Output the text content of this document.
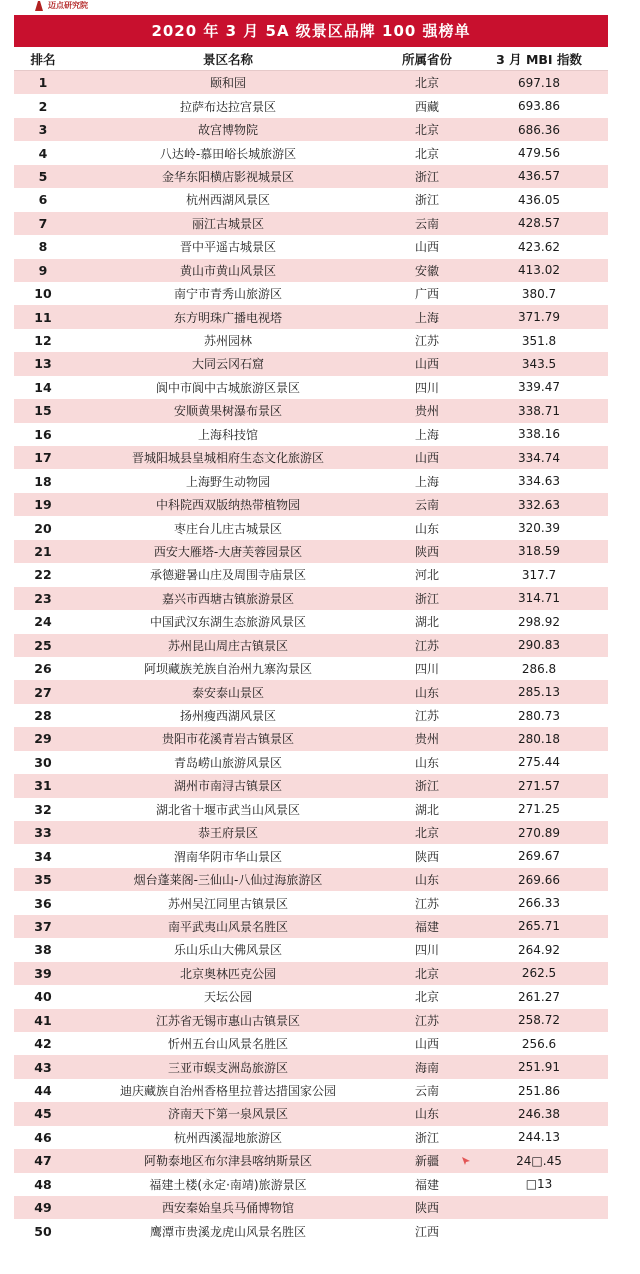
迈点研究院
2020 年 3 月 5A 级景区品牌 100 强榜单
排名	景区名称	所属省份	3 月 MBI 指数
1	颐和园	北京	697.18
2	拉萨布达拉宫景区	西藏	693.86
3	故宫博物院	北京	686.36
4	八达岭-慕田峪长城旅游区	北京	479.56
5	金华东阳横店影视城景区	浙江	436.57
6	杭州西湖风景区	浙江	436.05
7	丽江古城景区	云南	428.57
8	晋中平遥古城景区	山西	423.62
9	黄山市黄山风景区	安徽	413.02
10	南宁市青秀山旅游区	广西	380.7
11	东方明珠广播电视塔	上海	371.79
12	苏州园林	江苏	351.8
13	大同云冈石窟	山西	343.5
14	阆中市阆中古城旅游区景区	四川	339.47
15	安顺黄果树瀑布景区	贵州	338.71
16	上海科技馆	上海	338.16
17	晋城阳城县皇城相府生态文化旅游区	山西	334.74
18	上海野生动物园	上海	334.63
19	中科院西双版纳热带植物园	云南	332.63
20	枣庄台儿庄古城景区	山东	320.39
21	西安大雁塔-大唐芙蓉园景区	陕西	318.59
22	承德避暑山庄及周围寺庙景区	河北	317.7
23	嘉兴市西塘古镇旅游景区	浙江	314.71
24	中国武汉东湖生态旅游风景区	湖北	298.92
25	苏州昆山周庄古镇景区	江苏	290.83
26	阿坝藏族羌族自治州九寨沟景区	四川	286.8
27	泰安泰山景区	山东	285.13
28	扬州瘦西湖风景区	江苏	280.73
29	贵阳市花溪青岩古镇景区	贵州	280.18
30	青岛崂山旅游风景区	山东	275.44
31	湖州市南浔古镇景区	浙江	271.57
32	湖北省十堰市武当山风景区	湖北	271.25
33	恭王府景区	北京	270.89
34	渭南华阴市华山景区	陕西	269.67
35	烟台蓬莱阁-三仙山-八仙过海旅游区	山东	269.66
36	苏州吴江同里古镇景区	江苏	266.33
37	南平武夷山风景名胜区	福建	265.71
38	乐山乐山大佛风景区	四川	264.92
39	北京奥林匹克公园	北京	262.5
40	天坛公园	北京	261.27
41	江苏省无锡市惠山古镇景区	江苏	258.72
42	忻州五台山风景名胜区	山西	256.6
43	三亚市蜈支洲岛旅游区	海南	251.91
44	迪庆藏族自治州香格里拉普达措国家公园	云南	251.86
45	济南天下第一泉风景区	山东	246.38
46	杭州西溪湿地旅游区	浙江	244.13
47	阿勒泰地区布尔津县喀纳斯景区	新疆	24□.45
48	福建土楼(永定·南靖)旅游景区	福建	□13
49	西安秦始皇兵马俑博物馆	陕西
50	鹰潭市贵溪龙虎山风景名胜区	江西
